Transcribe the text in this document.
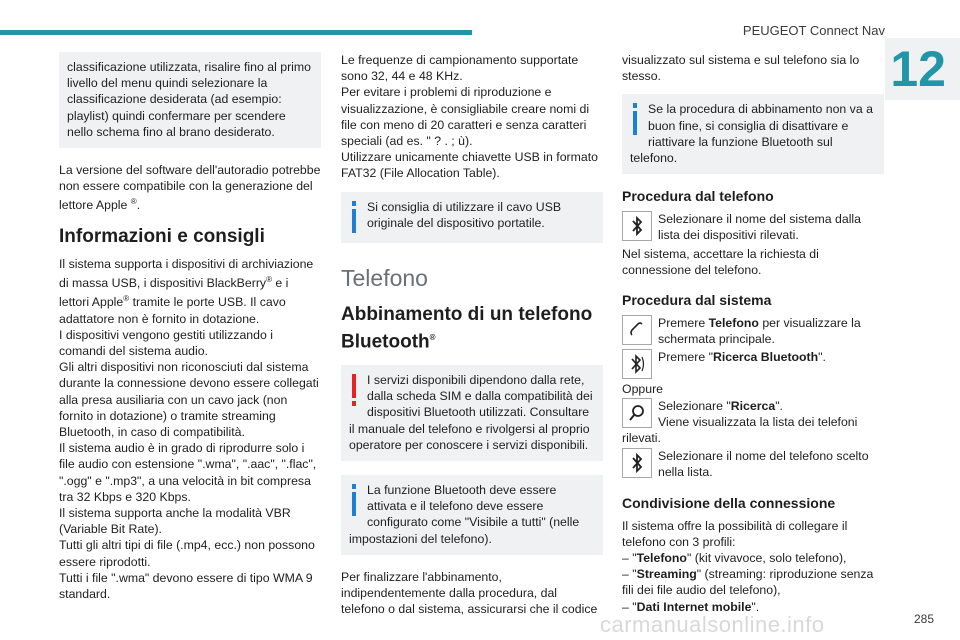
PEUGEOT Connect Nav
12
classificazione utilizzata, risalire fino al primo livello del menu quindi selezionare la classificazione desiderata (ad esempio: playlist) quindi confermare per scendere nello schema fino al brano desiderato.

La versione del software dell'autoradio potrebbe non essere compatibile con la generazione del lettore Apple ®.

Informazioni e consigli
Il sistema supporta i dispositivi di archiviazione di massa USB, i dispositivi BlackBerry® e i lettori Apple® tramite le porte USB. Il cavo adattatore non è fornito in dotazione.
I dispositivi vengono gestiti utilizzando i comandi del sistema audio.
Gli altri dispositivi non riconosciuti dal sistema durante la connessione devono essere collegati alla presa ausiliaria con un cavo jack (non fornito in dotazione) o tramite streaming Bluetooth, in caso di compatibilità.
Il sistema audio è in grado di riprodurre solo i file audio con estensione ".wma", ".aac", ".flac", ".ogg" e ".mp3", a una velocità in bit compresa tra 32 Kbps e 320 Kbps.
Il sistema supporta anche la modalità VBR (Variable Bit Rate).
Tutti gli altri tipi di file (.mp4, ecc.) non possono essere riprodotti.
Tutti i file ".wma" devono essere di tipo WMA 9 standard.
Le frequenze di campionamento supportate sono 32, 44 e 48 KHz.
Per evitare i problemi di riproduzione e visualizzazione, è consigliabile creare nomi di file con meno di 20 caratteri e senza caratteri speciali (ad es. " ? . ; ù).
Utilizzare unicamente chiavette USB in formato FAT32 (File Allocation Table).
Si consiglia di utilizzare il cavo USB originale del dispositivo portatile.
Telefono
Abbinamento di un telefono Bluetooth®
I servizi disponibili dipendono dalla rete, dalla scheda SIM e dalla compatibilità dei dispositivi Bluetooth utilizzati. Consultare il manuale del telefono e rivolgersi al proprio operatore per conoscere i servizi disponibili.
La funzione Bluetooth deve essere attivata e il telefono deve essere configurato come "Visibile a tutti" (nelle impostazioni del telefono).
Per finalizzare l'abbinamento, indipendentemente dalla procedura, dal telefono o dal sistema, assicurarsi che il codice
visualizzato sul sistema e sul telefono sia lo stesso.
Se la procedura di abbinamento non va a buon fine, si consiglia di disattivare e riattivare la funzione Bluetooth sul telefono.
Procedura dal telefono
Selezionare il nome del sistema dalla lista dei dispositivi rilevati.
Nel sistema, accettare la richiesta di connessione del telefono.
Procedura dal sistema
Premere Telefono per visualizzare la schermata principale.
Premere "Ricerca Bluetooth".
Oppure
Selezionare "Ricerca".
Viene visualizzata la lista dei telefoni rilevati.
Selezionare il nome del telefono scelto nella lista.
Condivisione della connessione
Il sistema offre la possibilità di collegare il telefono con 3 profili:
– "Telefono" (kit vivavoce, solo telefono),
– "Streaming" (streaming: riproduzione senza fili dei file audio del telefono),
– "Dati Internet mobile".
carmanualsonline.info	285
